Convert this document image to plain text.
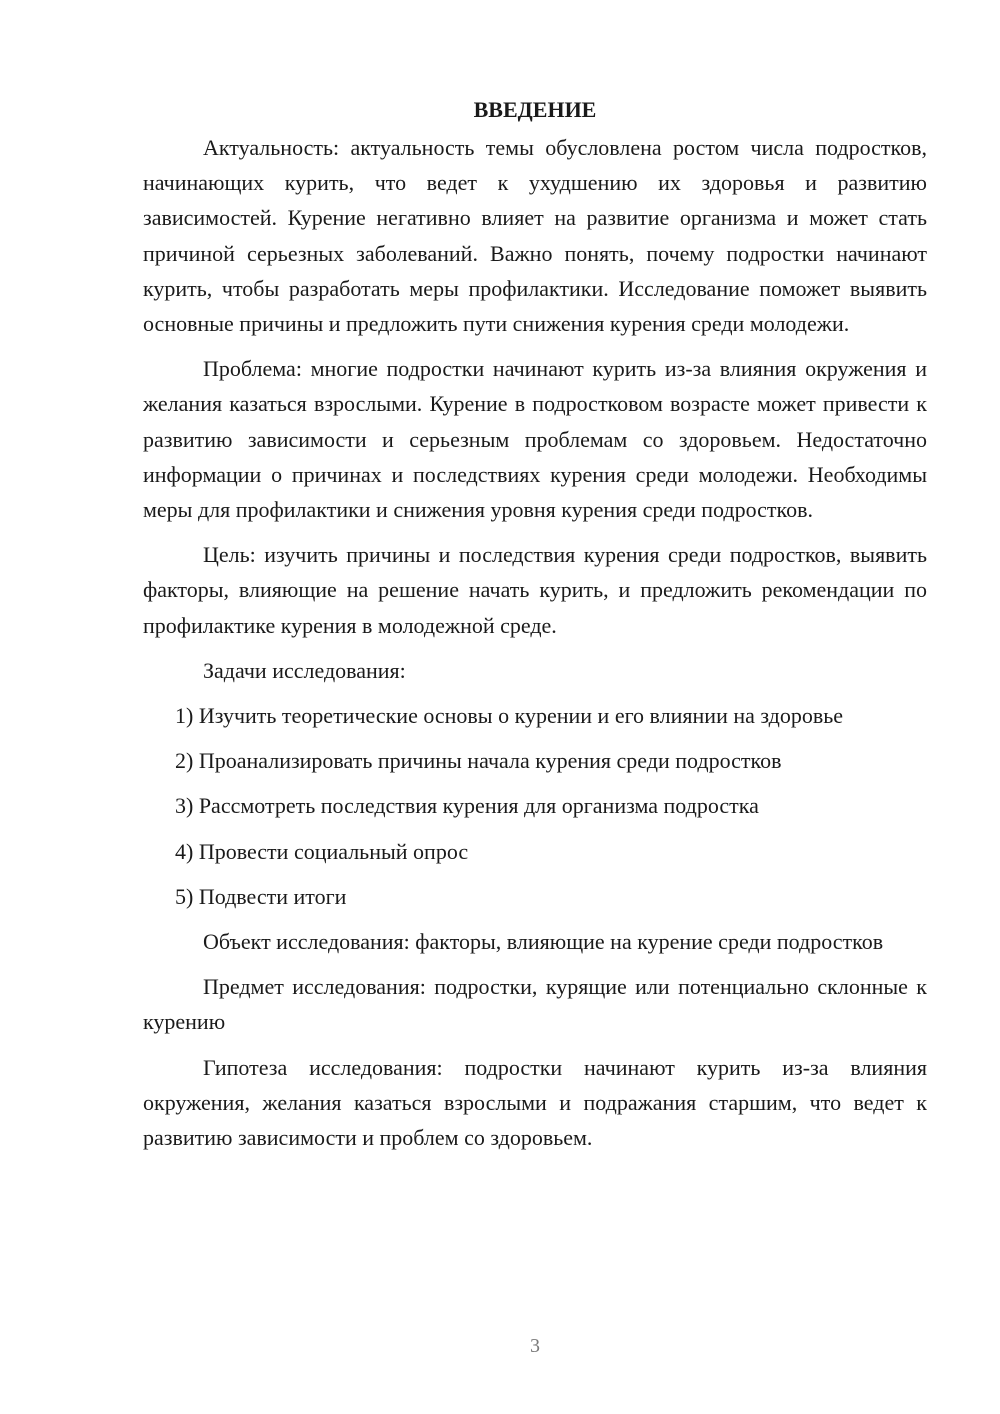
ВВЕДЕНИЕ

Актуальность: актуальность темы обусловлена ростом числа подростков, начинающих курить, что ведет к ухудшению их здоровья и развитию зависимостей. Курение негативно влияет на развитие организма и может стать причиной серьезных заболеваний. Важно понять, почему подростки начинают курить, чтобы разработать меры профилактики. Исследование поможет выявить основные причины и предложить пути снижения курения среди молодежи.

Проблема: многие подростки начинают курить из-за влияния окружения и желания казаться взрослыми. Курение в подростковом возрасте может привести к развитию зависимости и серьезным проблемам со здоровьем. Недостаточно информации о причинах и последствиях курения среди молодежи. Необходимы меры для профилактики и снижения уровня курения среди подростков.

Цель: изучить причины и последствия курения среди подростков, выявить факторы, влияющие на решение начать курить, и предложить рекомендации по профилактике курения в молодежной среде.

Задачи исследования:

1) Изучить теоретические основы о курении и его влиянии на здоровье

2) Проанализировать причины начала курения среди подростков

3) Рассмотреть последствия курения для организма подростка

4) Провести социальный опрос

5) Подвести итоги

Объект исследования: факторы, влияющие на курение среди подростков

Предмет исследования: подростки, курящие или потенциально склонные к курению

Гипотеза исследования: подростки начинают курить из-за влияния окружения, желания казаться взрослыми и подражания старшим, что ведет к развитию зависимости и проблем со здоровьем.

3
